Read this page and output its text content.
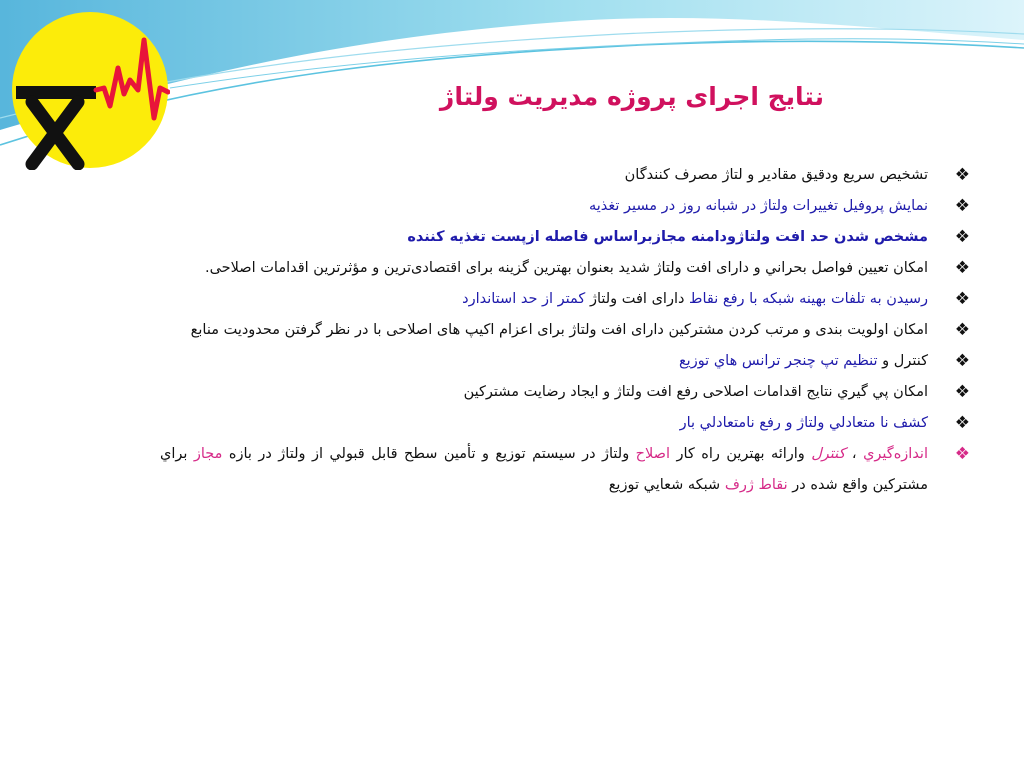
نتایج اجرای پروژه مدیریت ولتاژ
❖
تشخیص سریع ودقیق مقادیر و لتاژ مصرف کنندگان
❖
نمایش پروفیل تغییرات ولتاژ در شبانه روز در مسیر تغذیه
❖
مشخص شدن حد افت ولتاژودامنه مجازبراساس فاصله ازپست تغذیه کننده
❖
امکان تعیین فواصل بحراني و دارای افت ولتاژ شدید بعنوان بهترین گزینه برای اقتصادی‌ترین و مؤثرترین اقدامات اصلاحی.
❖
رسیدن به تلفات بهینه شبکه با رفع نقاط دارای افت ولتاژ کمتر از حد استاندارد
❖
امکان اولویت بندی و مرتب کردن مشترکین دارای افت ولتاژ برای اعزام اکیپ های اصلاحی با در نظر گرفتن محدودیت منابع
❖
کنترل و تنظیم تپ چنجر ترانس هاي توزیع
❖
امکان پي گيري نتايج اقدامات اصلاحی رفع افت ولتاژ و ايجاد رضايت مشترکين
❖
کشف نا متعادلي ولتاژ و رفع نامتعادلي بار
❖
اندازه‌گيري ، کنترل وارائه بهترین راه کار اصلاح ولتاژ در سیستم توزیع و تأمین سطح قابل قبولي از ولتاژ در بازه مجاز براي مشترکين واقع شده در نقاط ژرف شبکه شعايي توزيع
